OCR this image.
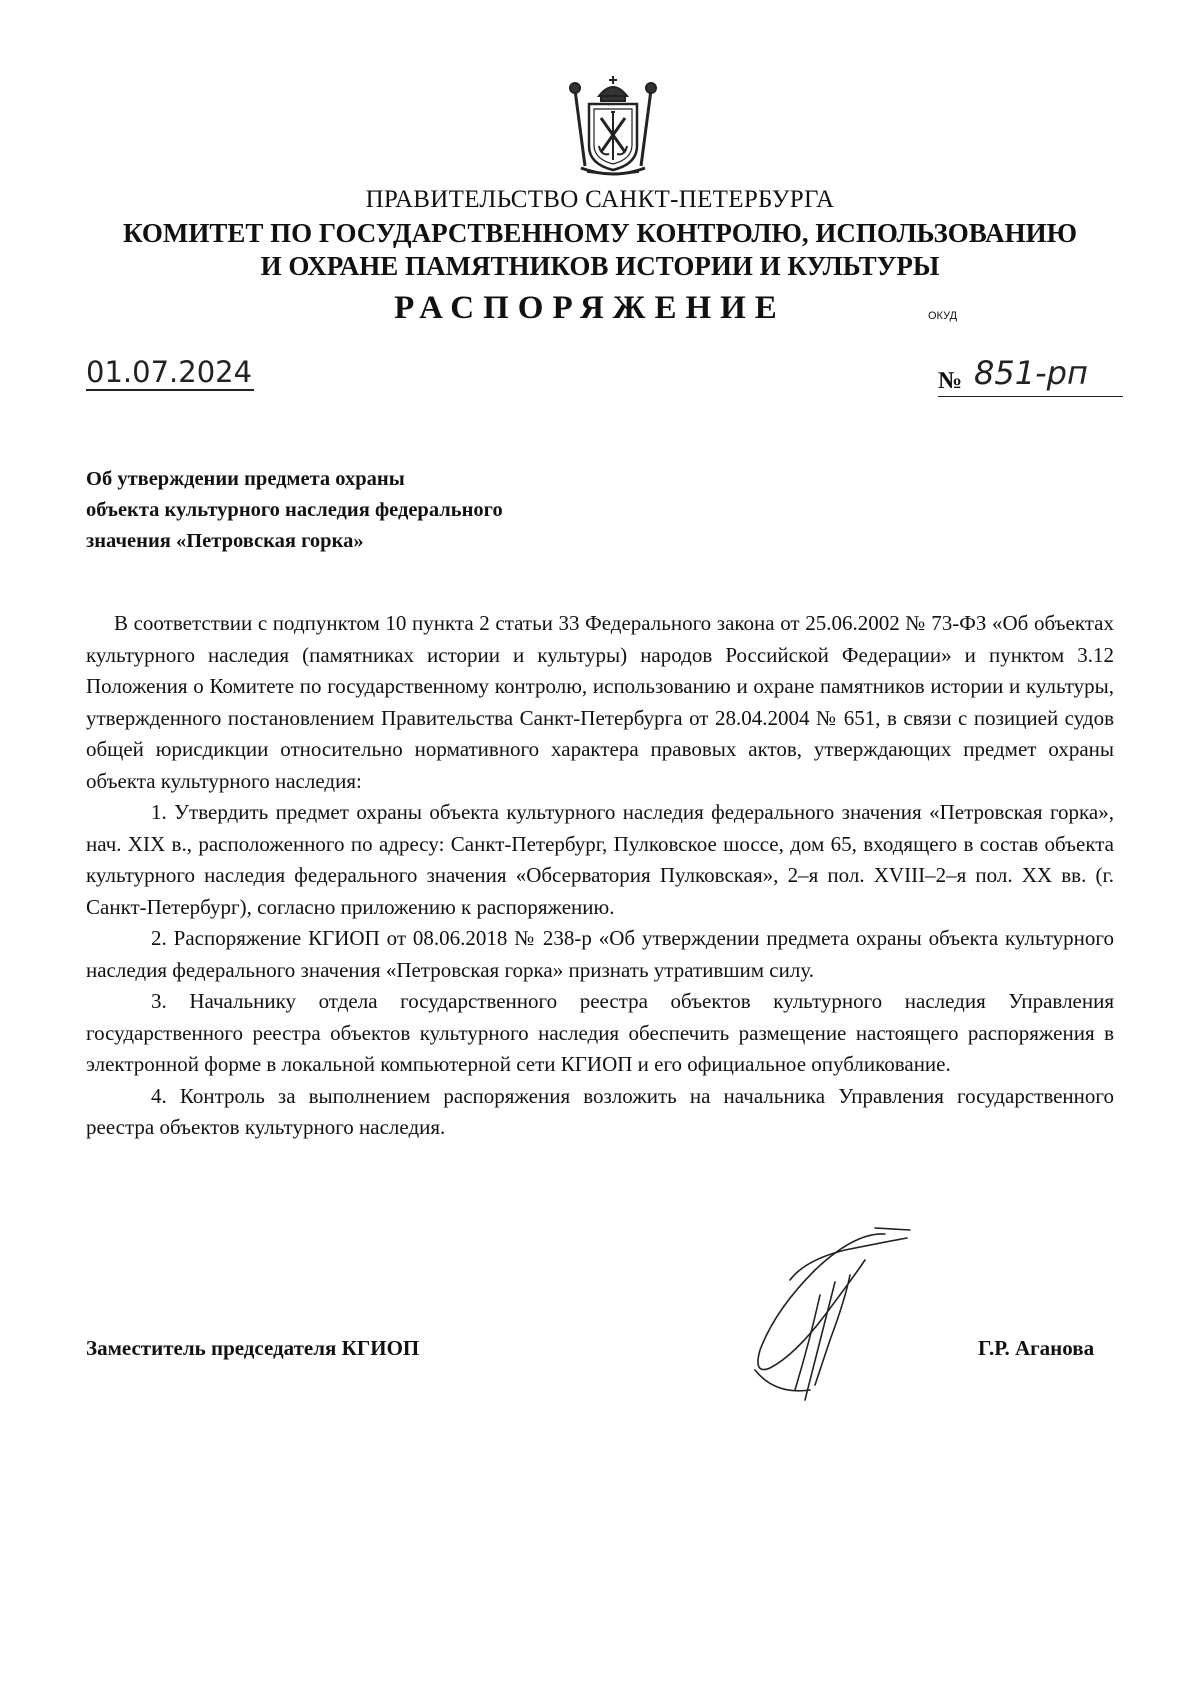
ПРАВИТЕЛЬСТВО САНКТ-ПЕТЕРБУРГА
КОМИТЕТ ПО ГОСУДАРСТВЕННОМУ КОНТРОЛЮ, ИСПОЛЬЗОВАНИЮ
И ОХРАНЕ ПАМЯТНИКОВ ИСТОРИИ И КУЛЬТУРЫ
РАСПОРЯЖЕНИЕ	ОКУД
01.07.2024	№ 851-рп
Об утверждении предмета охраны
объекта культурного наследия федерального
значения «Петровская горка»

В соответствии с подпунктом 10 пункта 2 статьи 33 Федерального закона от 25.06.2002 № 73-ФЗ «Об объектах культурного наследия (памятниках истории и культуры) народов Российской Федерации» и пунктом 3.12 Положения о Комитете по государственному контролю, использованию и охране памятников истории и культуры, утвержденного постановлением Правительства Санкт-Петербурга от 28.04.2004 № 651, в связи с позицией судов общей юрисдикции относительно нормативного характера правовых актов, утверждающих предмет охраны объекта культурного наследия:

1. Утвердить предмет охраны объекта культурного наследия федерального значения «Петровская горка», нач. XIX в., расположенного по адресу: Санкт-Петербург, Пулковское шоссе, дом 65, входящего в состав объекта культурного наследия федерального значения «Обсерватория Пулковская», 2–я пол. XVIII–2–я пол. XX вв. (г. Санкт-Петербург), согласно приложению к распоряжению.

2. Распоряжение КГИОП от 08.06.2018 № 238-р «Об утверждении предмета охраны объекта культурного наследия федерального значения «Петровская горка» признать утратившим силу.

3. Начальнику отдела государственного реестра объектов культурного наследия Управления государственного реестра объектов культурного наследия обеспечить размещение настоящего распоряжения в электронной форме в локальной компьютерной сети КГИОП и его официальное опубликование.

4. Контроль за выполнением распоряжения возложить на начальника Управления государственного реестра объектов культурного наследия.

Заместитель председателя КГИОП	Г.Р. Аганова
